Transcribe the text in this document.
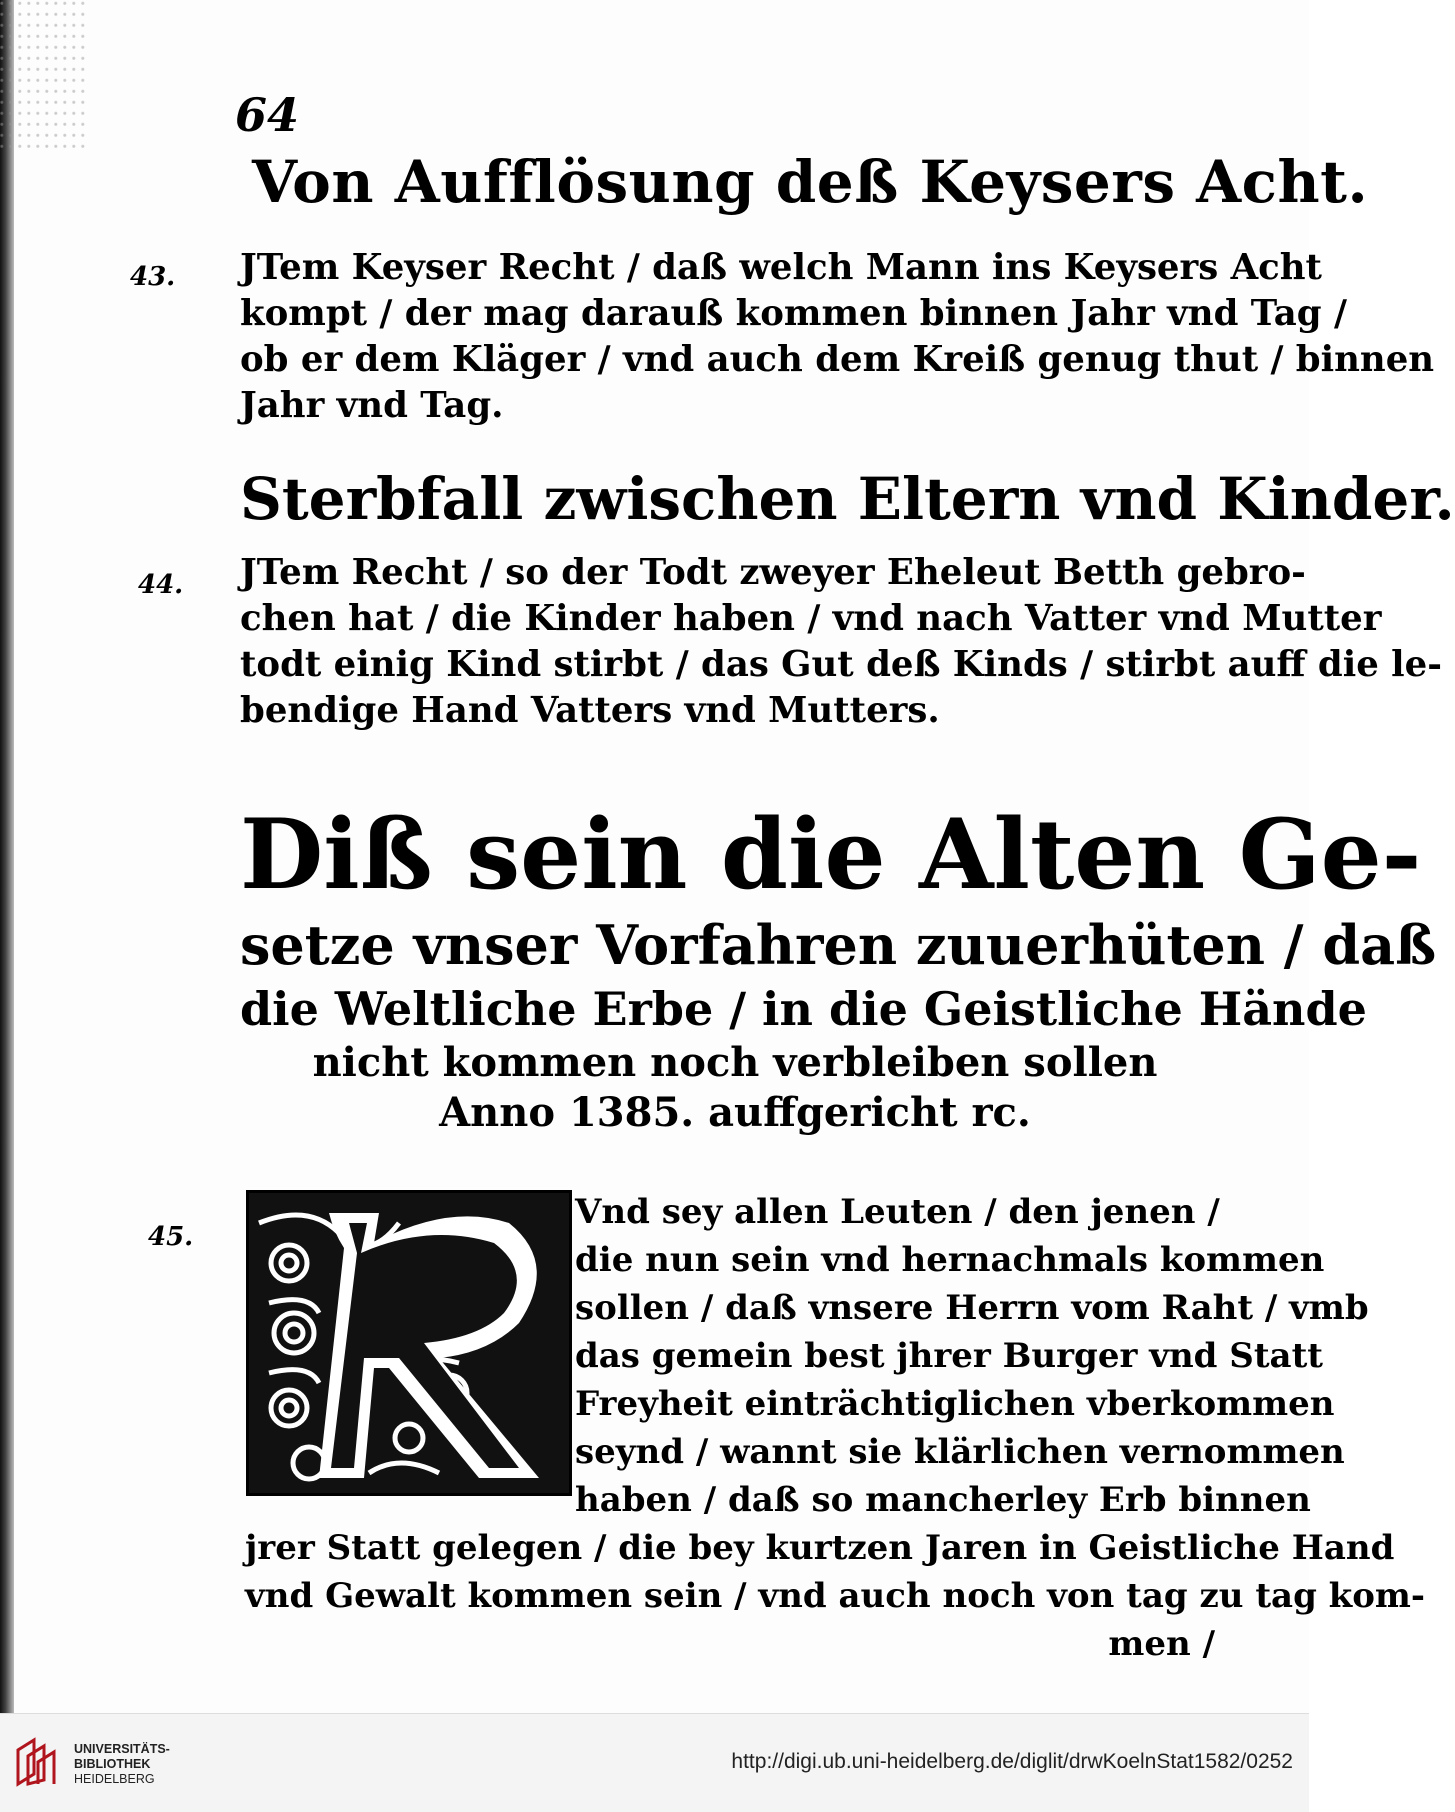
64
Von Aufflösung deß Keysers Acht.
43. JTem Keyser Recht / daß welch Mann ins Keysers Acht
kompt / der mag darauß kommen binnen Jahr vnd Tag /
ob er dem Kläger / vnd auch dem Kreiß genug thut / binnen
Jahr vnd Tag.
Sterbfall zwischen Eltern vnd Kinder.
44. JTem Recht / so der Todt zweyer Eheleut Betth gebro-
chen hat / die Kinder haben / vnd nach Vatter vnd Mutter
todt einig Kind stirbt / das Gut deß Kinds / stirbt auff die le-
bendige Hand Vatters vnd Mutters.
Diß sein die Alten Ge-
setze vnser Vorfahren zuuerhüten / daß
die Weltliche Erbe / in die Geistliche Hände
nicht kommen noch verbleiben sollen
Anno 1385. auffgericht rc.
45.
Vnd sey allen Leuten / den jenen /
die nun sein vnd hernachmals kommen
sollen / daß vnsere Herrn vom Raht / vmb
das gemein best jhrer Burger vnd Statt
Freyheit einträchtiglichen vberkommen
seynd / wannt sie klärlichen vernommen
haben / daß so mancherley Erb binnen
jrer Statt gelegen / die bey kurtzen Jaren in Geistliche Hand
vnd Gewalt kommen sein / vnd auch noch von tag zu tag kom-
men /
UNIVERSITÄTS-
BIBLIOTHEK
HEIDELBERG
http://digi.ub.uni-heidelberg.de/diglit/drwKoelnStat1582/0252
